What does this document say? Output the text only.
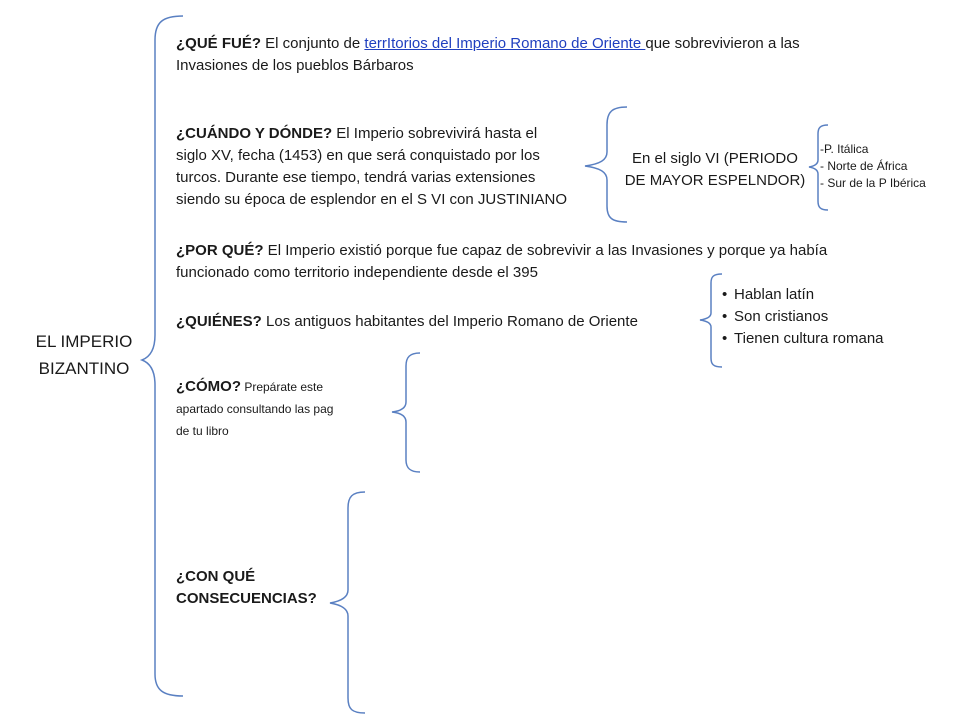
EL IMPERIO
BIZANTINO
¿QUÉ FUÉ? El conjunto de terrItorios del Imperio Romano de Oriente que sobrevivieron a las
Invasiones de los pueblos Bárbaros
¿CUÁNDO Y DÓNDE? El Imperio sobrevivirá hasta el
siglo XV, fecha (1453) en que será conquistado por los
turcos. Durante ese tiempo, tendrá varias extensiones
siendo su época de esplendor en el S VI con JUSTINIANO
En el siglo VI (PERIODO
DE MAYOR ESPELNDOR)
-P. Itálica
- Norte de África
- Sur de la P Ibérica
¿POR QUÉ? El Imperio existió porque fue capaz de sobrevivir a las Invasiones y porque ya había
funcionado como territorio independiente desde el 395
¿QUIÉNES? Los antiguos habitantes del Imperio Romano de Oriente
• Hablan latín
• Son cristianos
• Tienen cultura romana
¿CÓMO? Prepárate este
apartado consultando las pag
de tu libro
¿CON QUÉ
CONSECUENCIAS?
